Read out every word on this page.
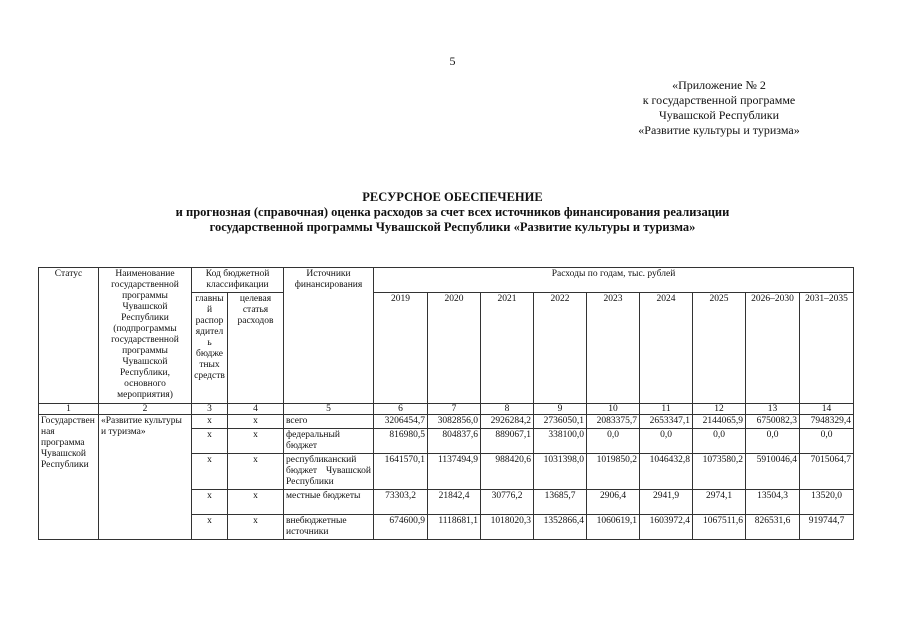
5
«Приложение № 2
к государственной программе
Чувашской Республики
«Развитие культуры и туризма»
РЕСУРСНОЕ ОБЕСПЕЧЕНИЕ
и прогнозная (справочная) оценка расходов за счет всех источников финансирования реализации
государственной программы Чувашской Республики «Развитие культуры и туризма»
Статус	Наименование государственной программы Чувашской Республики (подпрограммы государственной программы Чувашской Республики, основного мероприятия)	Код бюджетной классификации		Источники финансирования	Расходы по годам, тыс. рублей								
		главный распорядитель бюджетных средств	целевая статья расходов		2019	2020	2021	2022	2023	2024	2025	2026–2030	2031–2035
1	2	3	4	5	6	7	8	9	10	11	12	13	14
Государственная программа Чувашской Республики	«Развитие культуры и туризма»	x	x	всего	3206454,7	3082856,0	2926284,2	2736050,1	2083375,7	2653347,1	2144065,9	6750082,3	7948329,4
		x	x	федеральный бюджет	816980,5	804837,6	889067,1	338100,0	0,0	0,0	0,0	0,0	0,0
		x	x	республиканский бюджет Чувашской Республики	1641570,1	1137494,9	988420,6	1031398,0	1019850,2	1046432,8	1073580,2	5910046,4	7015064,7
		x	x	местные бюджеты	73303,2	21842,4	30776,2	13685,7	2906,4	2941,9	2974,1	13504,3	13520,0
		x	x	внебюджетные источники	674600,9	1118681,1	1018020,3	1352866,4	1060619,1	1603972,4	1067511,6	826531,6	919744,7
